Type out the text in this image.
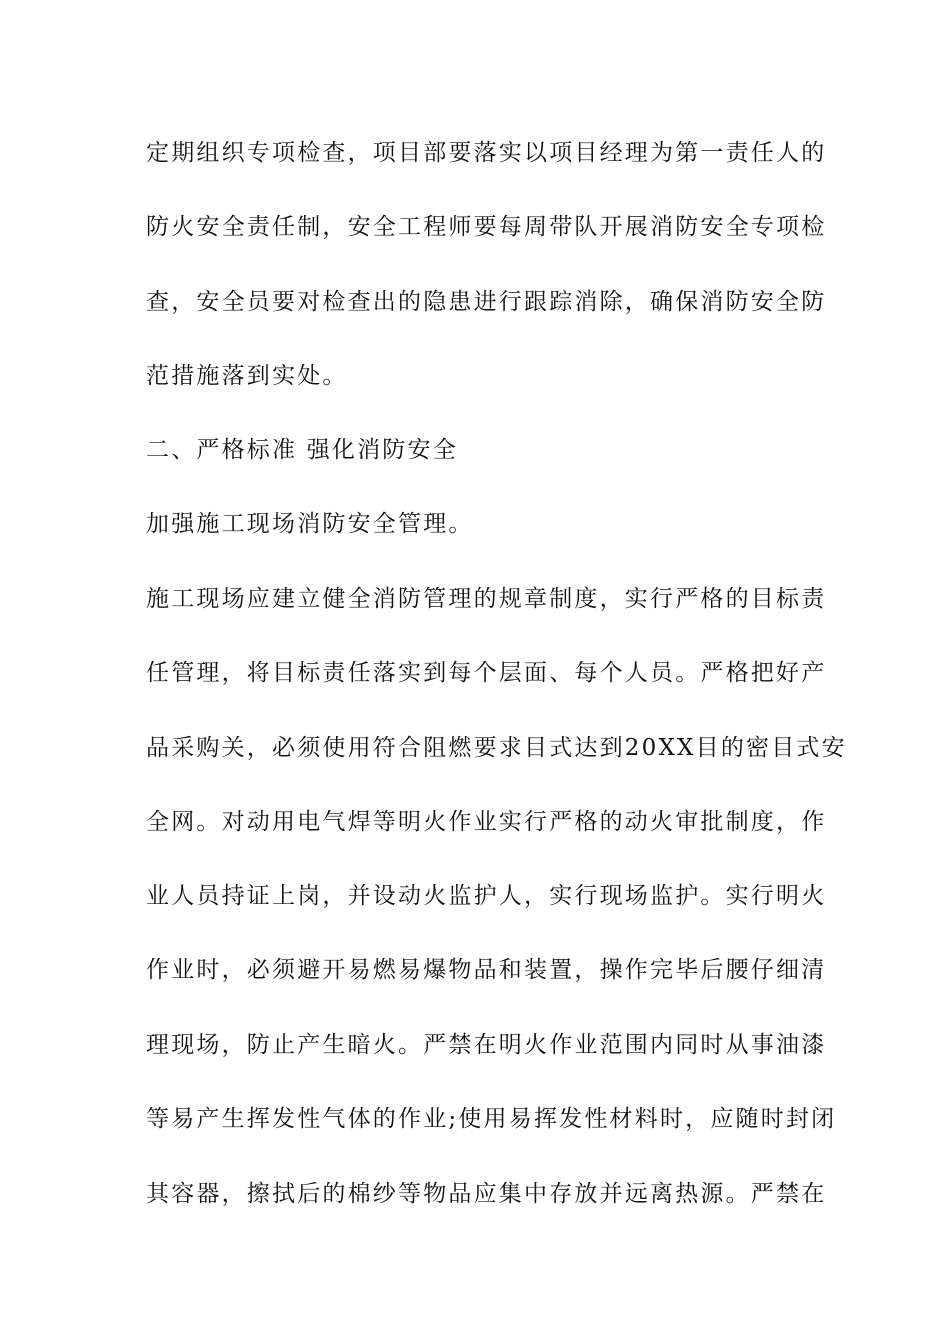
定期组织专项检查，项目部要落实以项目经理为第一责任人的
防火安全责任制，安全工程师要每周带队开展消防安全专项检
查，安全员要对检查出的隐患进行跟踪消除，确保消防安全防
范措施落到实处。
二、严格标准 强化消防安全
加强施工现场消防安全管理。
施工现场应建立健全消防管理的规章制度，实行严格的目标责
任管理，将目标责任落实到每个层面、每个人员。严格把好产
品采购关，必须使用符合阻燃要求目式达到20XX目的密目式安
全网。对动用电气焊等明火作业实行严格的动火审批制度，作
业人员持证上岗，并设动火监护人，实行现场监护。实行明火
作业时，必须避开易燃易爆物品和装置，操作完毕后腰仔细清
理现场，防止产生暗火。严禁在明火作业范围内同时从事油漆
等易产生挥发性气体的作业;使用易挥发性材料时，应随时封闭
其容器，擦拭后的棉纱等物品应集中存放并远离热源。严禁在
